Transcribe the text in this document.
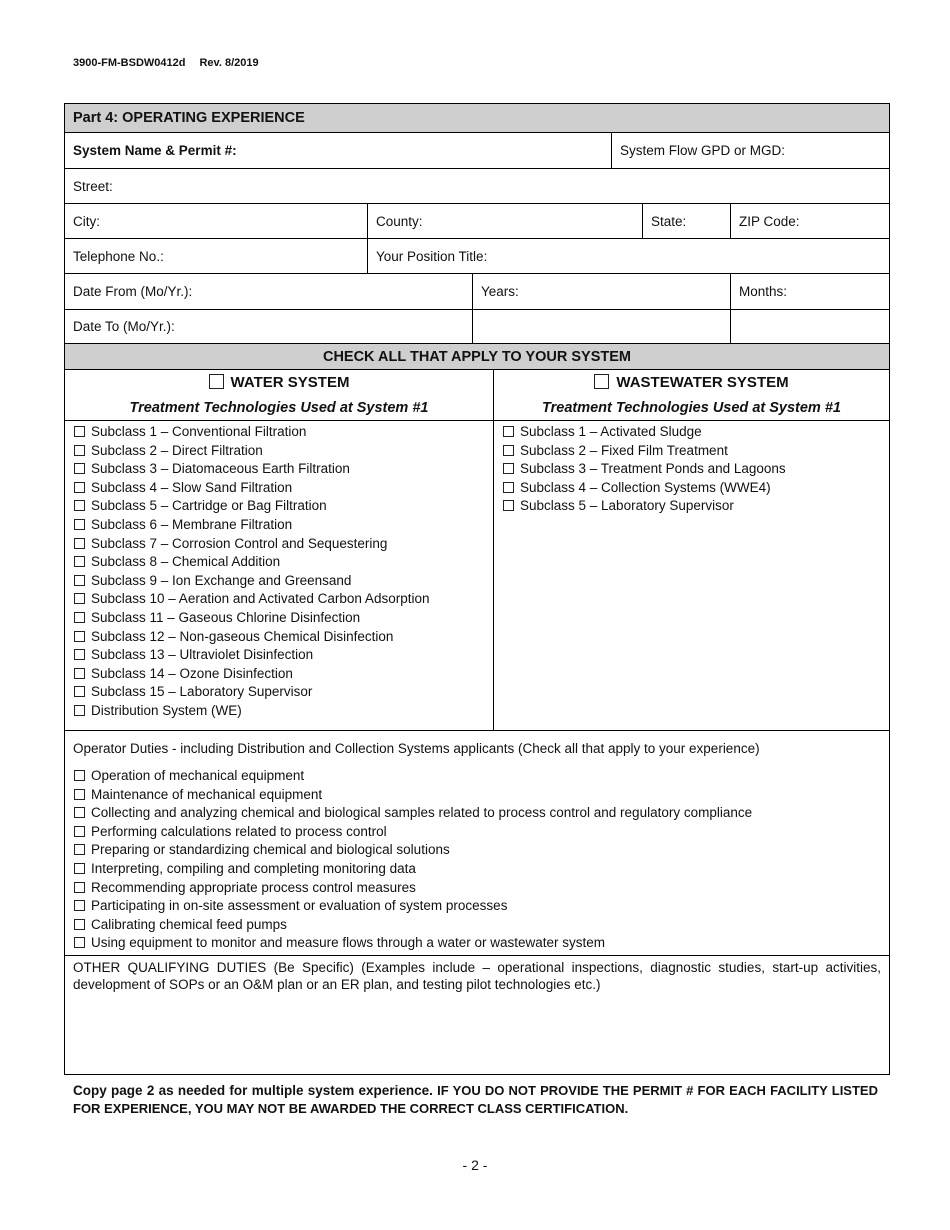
3900-FM-BSDW0412d Rev. 8/2019
Part 4: OPERATING EXPERIENCE
System Name & Permit #:	System Flow GPD or MGD:
Street:
City:	County:	State:	ZIP Code:
Telephone No.:	Your Position Title:
Date From (Mo/Yr.):	Years:	Months:
Date To (Mo/Yr.):
CHECK ALL THAT APPLY TO YOUR SYSTEM
WATER SYSTEM
Treatment Technologies Used at System #1
Subclass 1 – Conventional Filtration
Subclass 2 – Direct Filtration
Subclass 3 – Diatomaceous Earth Filtration
Subclass 4 – Slow Sand Filtration
Subclass 5 – Cartridge or Bag Filtration
Subclass 6 – Membrane Filtration
Subclass 7 – Corrosion Control and Sequestering
Subclass 8 – Chemical Addition
Subclass 9 – Ion Exchange and Greensand
Subclass 10 – Aeration and Activated Carbon Adsorption
Subclass 11 – Gaseous Chlorine Disinfection
Subclass 12 – Non-gaseous Chemical Disinfection
Subclass 13 – Ultraviolet Disinfection
Subclass 14 – Ozone Disinfection
Subclass 15 – Laboratory Supervisor
Distribution System (WE)
WASTEWATER SYSTEM
Treatment Technologies Used at System #1
Subclass 1 – Activated Sludge
Subclass 2 – Fixed Film Treatment
Subclass 3 – Treatment Ponds and Lagoons
Subclass 4 – Collection Systems (WWE4)
Subclass 5 – Laboratory Supervisor
Operator Duties - including Distribution and Collection Systems applicants (Check all that apply to your experience)
Operation of mechanical equipment
Maintenance of mechanical equipment
Collecting and analyzing chemical and biological samples related to process control and regulatory compliance
Performing calculations related to process control
Preparing or standardizing chemical and biological solutions
Interpreting, compiling and completing monitoring data
Recommending appropriate process control measures
Participating in on-site assessment or evaluation of system processes
Calibrating chemical feed pumps
Using equipment to monitor and measure flows through a water or wastewater system
OTHER QUALIFYING DUTIES (Be Specific) (Examples include – operational inspections, diagnostic studies, start-up activities, development of SOPs or an O&M plan or an ER plan, and testing pilot technologies etc.)
Copy page 2 as needed for multiple system experience. IF YOU DO NOT PROVIDE THE PERMIT # FOR EACH FACILITY LISTED FOR EXPERIENCE, YOU MAY NOT BE AWARDED THE CORRECT CLASS CERTIFICATION.
- 2 -
